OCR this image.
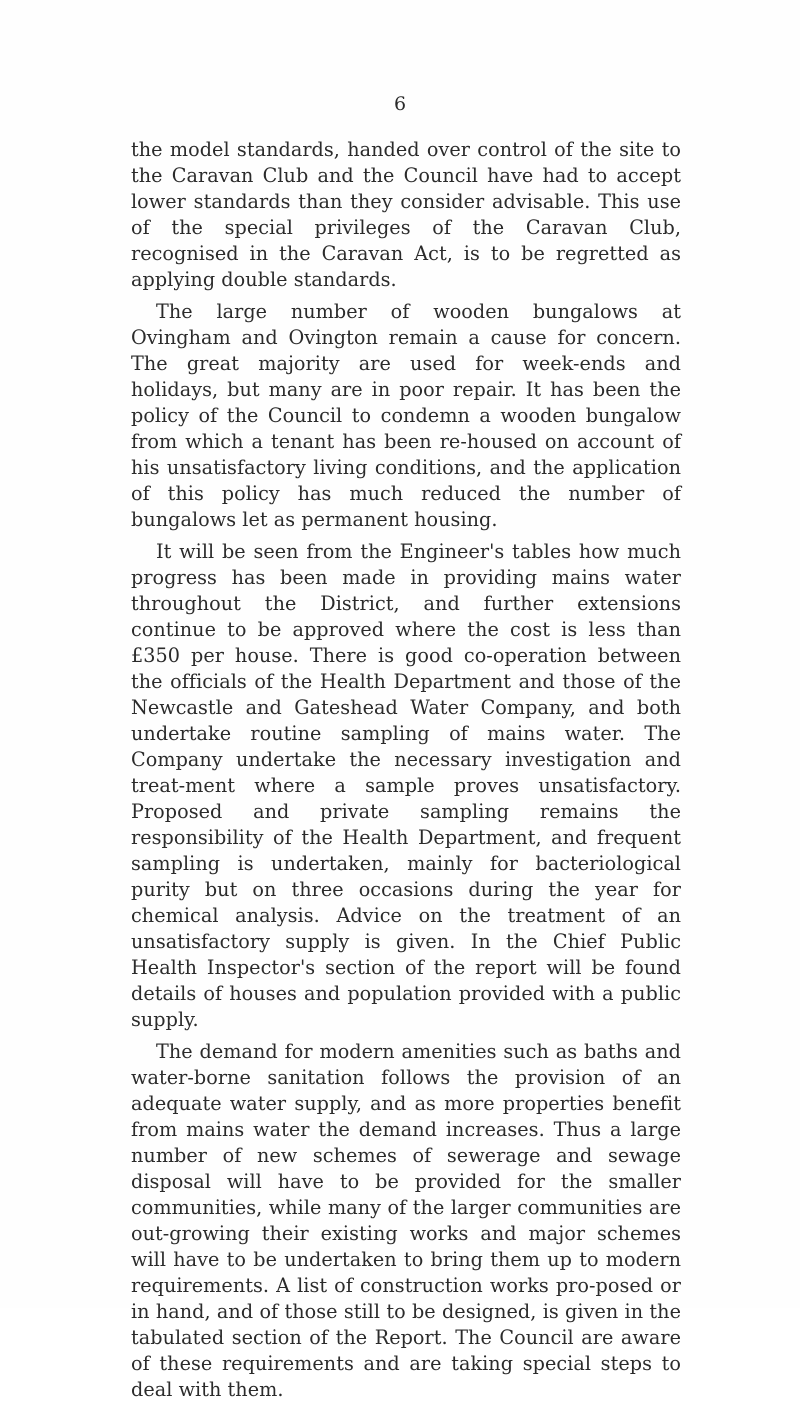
6

the model standards, handed over control of the site to the Caravan Club and the Council have had to accept lower standards than they consider advisable. This use of the special privileges of the Caravan Club, recognised in the Caravan Act, is to be regretted as applying double standards.

The large number of wooden bungalows at Ovingham and Ovington remain a cause for concern. The great majority are used for week-ends and holidays, but many are in poor repair. It has been the policy of the Council to condemn a wooden bungalow from which a tenant has been re-housed on account of his unsatisfactory living conditions, and the application of this policy has much reduced the number of bungalows let as permanent housing.

It will be seen from the Engineer's tables how much progress has been made in providing mains water throughout the District, and further extensions continue to be approved where the cost is less than £350 per house. There is good co-operation between the officials of the Health Department and those of the Newcastle and Gateshead Water Company, and both undertake routine sampling of mains water. The Company undertake the necessary investigation and treat-ment where a sample proves unsatisfactory. Proposed and private sampling remains the responsibility of the Health Department, and frequent sampling is undertaken, mainly for bacteriological purity but on three occasions during the year for chemical analysis. Advice on the treatment of an unsatisfactory supply is given. In the Chief Public Health Inspector's section of the report will be found details of houses and population provided with a public supply.

The demand for modern amenities such as baths and water-borne sanitation follows the provision of an adequate water supply, and as more properties benefit from mains water the demand increases. Thus a large number of new schemes of sewerage and sewage disposal will have to be provided for the smaller communities, while many of the larger communities are out-growing their existing works and major schemes will have to be undertaken to bring them up to modern requirements. A list of construction works pro-posed or in hand, and of those still to be designed, is given in the tabulated section of the Report. The Council are aware of these requirements and are taking special steps to deal with them.
